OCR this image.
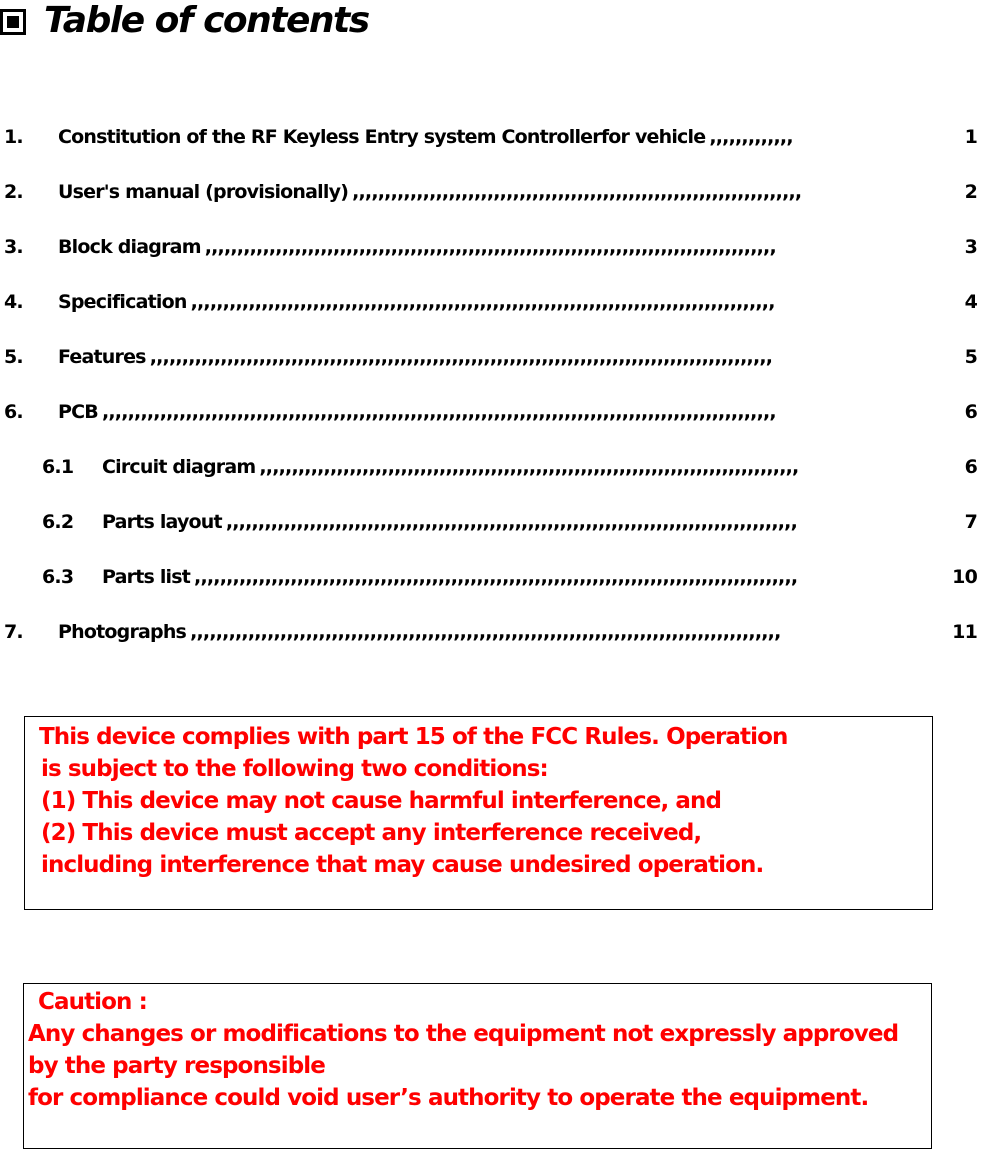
Table of contents
1. Constitution of the RF Keyless Entry system Controllerfor vehicle ,,,,,,,,,,,,,	1
2. User's manual (provisionally) ,,,,,,,,,,,,,,,,,,,,,,,,,,,,,,,,,,,,,,,,,,,,,,,,,,,,,,,,,,,,,,,,,,,,,,	2
3. Block diagram ,,,,,,,,,,,,,,,,,,,,,,,,,,,,,,,,,,,,,,,,,,,,,,,,,,,,,,,,,,,,,,,,,,,,,,,,,,,,,,,,,,,,,,,,,	3
4. Specification ,,,,,,,,,,,,,,,,,,,,,,,,,,,,,,,,,,,,,,,,,,,,,,,,,,,,,,,,,,,,,,,,,,,,,,,,,,,,,,,,,,,,,,,,,,,	4
5. Features ,,,,,,,,,,,,,,,,,,,,,,,,,,,,,,,,,,,,,,,,,,,,,,,,,,,,,,,,,,,,,,,,,,,,,,,,,,,,,,,,,,,,,,,,,,,,,,,,,	5
6. PCB ,,,,,,,,,,,,,,,,,,,,,,,,,,,,,,,,,,,,,,,,,,,,,,,,,,,,,,,,,,,,,,,,,,,,,,,,,,,,,,,,,,,,,,,,,,,,,,,,,,,,,,,,,	6
6.1 Circuit diagram ,,,,,,,,,,,,,,,,,,,,,,,,,,,,,,,,,,,,,,,,,,,,,,,,,,,,,,,,,,,,,,,,,,,,,,,,,,,,,,,,,,,,	6
6.2 Parts layout ,,,,,,,,,,,,,,,,,,,,,,,,,,,,,,,,,,,,,,,,,,,,,,,,,,,,,,,,,,,,,,,,,,,,,,,,,,,,,,,,,,,,,,,,,	7
6.3 Parts list ,,,,,,,,,,,,,,,,,,,,,,,,,,,,,,,,,,,,,,,,,,,,,,,,,,,,,,,,,,,,,,,,,,,,,,,,,,,,,,,,,,,,,,,,,,,,,,	10
7. Photographs ,,,,,,,,,,,,,,,,,,,,,,,,,,,,,,,,,,,,,,,,,,,,,,,,,,,,,,,,,,,,,,,,,,,,,,,,,,,,,,,,,,,,,,,,,,,,	11
This device complies with part 15 of the FCC Rules. Operation
is subject to the following two conditions:
(1) This device may not cause harmful interference, and
(2) This device must accept any interference received,
including interference that may cause undesired operation.
Caution :
Any changes or modifications to the equipment not expressly approved
by the party responsible
for compliance could void user’s authority to operate the equipment.
